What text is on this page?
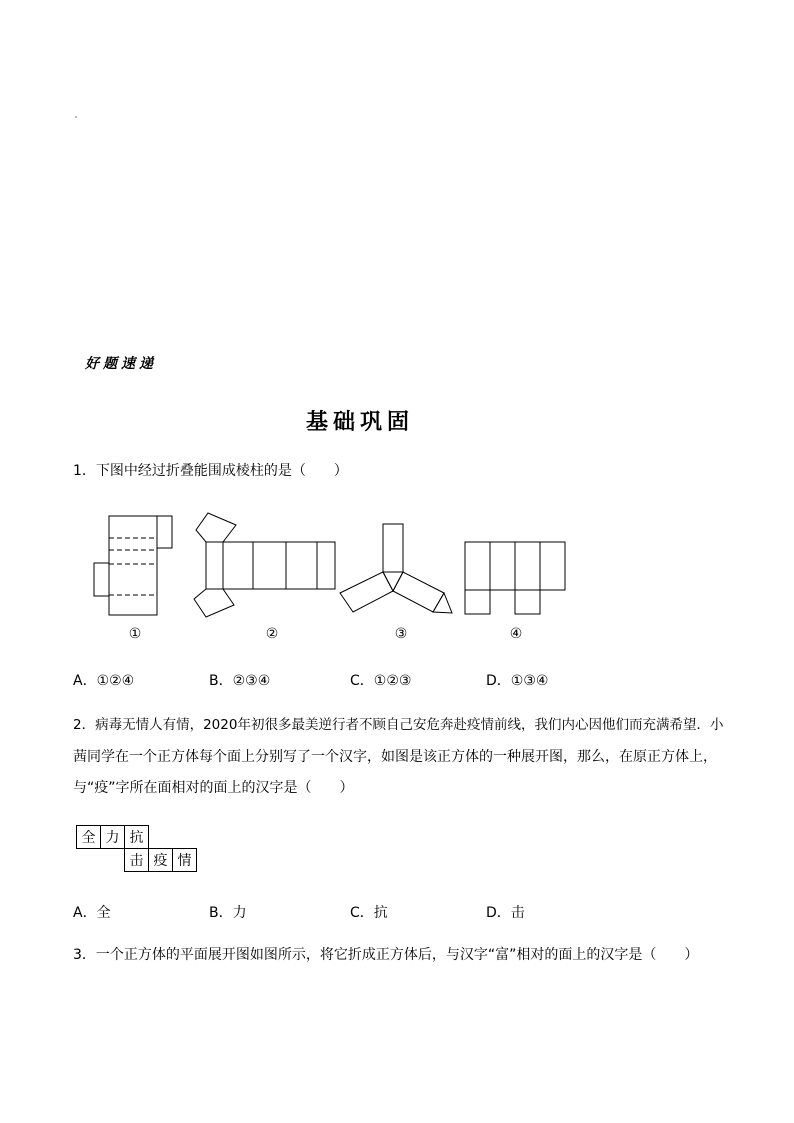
好题速递
基础巩固
1．下图中经过折叠能围成棱柱的是（　　）
①	②	③	④
A．①②④	B．②③④	C．①②③	D．①③④
2．病毒无情人有情，2020年初很多最美逆行者不顾自己安危奔赴疫情前线，我们内心因他们而充满希望．小
茜同学在一个正方体每个面上分别写了一个汉字，如图是该正方体的一种展开图，那么，在原正方体上，
与“疫”字所在面相对的面上的汉字是（　　）
全	力	抗		
		击	疫	情
A．全	B．力	C．抗	D．击
3．一个正方体的平面展开图如图所示，将它折成正方体后，与汉字“富”相对的面上的汉字是（　　）
